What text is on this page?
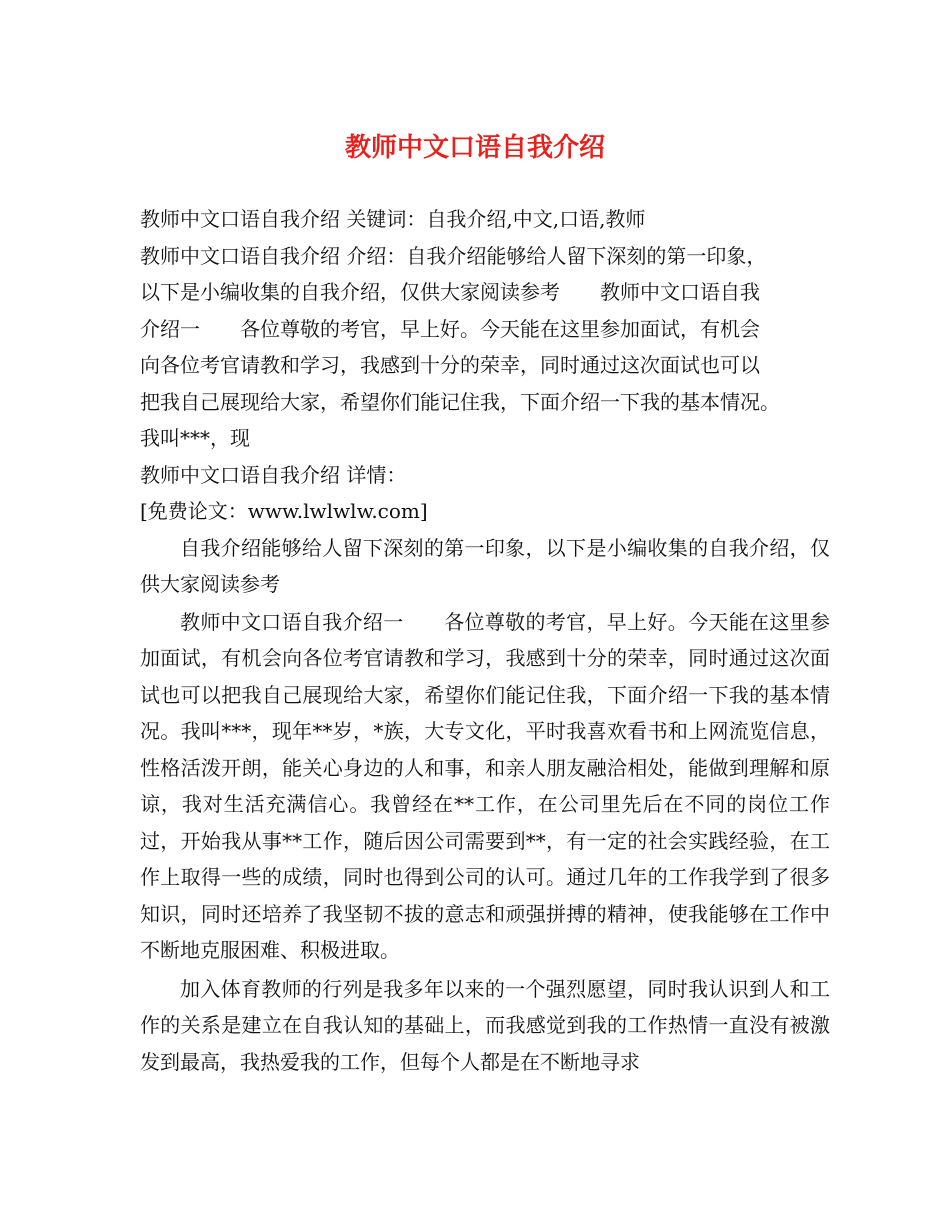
教师中文口语自我介绍
教师中文口语自我介绍 关键词：自我介绍,中文,口语,教师
教师中文口语自我介绍 介绍：自我介绍能够给人留下深刻的第一印象，
以下是小编收集的自我介绍，仅供大家阅读参考　　教师中文口语自我
介绍一　　各位尊敬的考官，早上好。今天能在这里参加面试，有机会
向各位考官请教和学习，我感到十分的荣幸，同时通过这次面试也可以
把我自己展现给大家，希望你们能记住我，下面介绍一下我的基本情况。
我叫***，现
教师中文口语自我介绍 详情：
[免费论文：www.lwlwlw.com]

自我介绍能够给人留下深刻的第一印象，以下是小编收集的自我介绍，仅供大家阅读参考

教师中文口语自我介绍一　　各位尊敬的考官，早上好。今天能在这里参加面试，有机会向各位考官请教和学习，我感到十分的荣幸，同时通过这次面试也可以把我自己展现给大家，希望你们能记住我，下面介绍一下我的基本情况。我叫***，现年**岁，*族，大专文化，平时我喜欢看书和上网流览信息，性格活泼开朗，能关心身边的人和事，和亲人朋友融洽相处，能做到理解和原谅，我对生活充满信心。我曾经在**工作，在公司里先后在不同的岗位工作过，开始我从事**工作，随后因公司需要到**，有一定的社会实践经验，在工作上取得一些的成绩，同时也得到公司的认可。通过几年的工作我学到了很多知识，同时还培养了我坚韧不拔的意志和顽强拼搏的精神，使我能够在工作中不断地克服困难、积极进取。

加入体育教师的行列是我多年以来的一个强烈愿望，同时我认识到人和工作的关系是建立在自我认知的基础上，而我感觉到我的工作热情一直没有被激发到最高，我热爱我的工作，但每个人都是在不断地寻求
